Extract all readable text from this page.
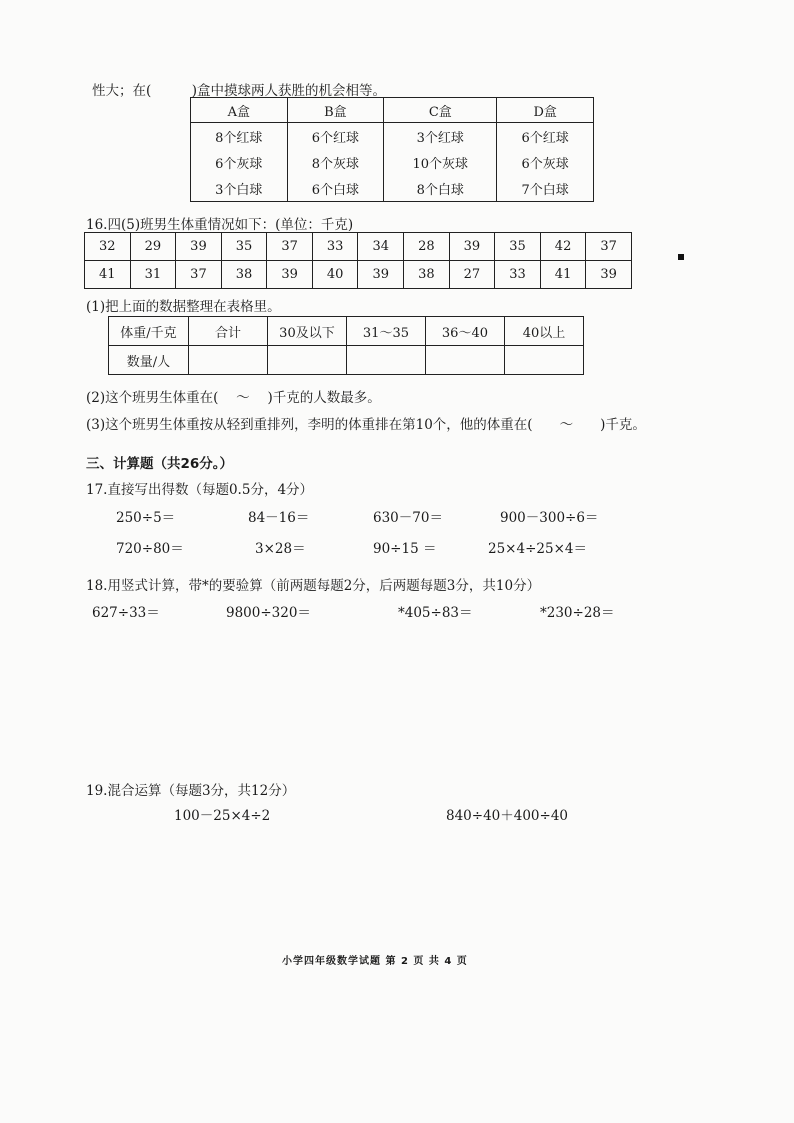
性大；在(　　　)盒中摸球两人获胜的机会相等。
A盒	B盒	C盒	D盒
8个红球	6个红球	3个红球	6个红球
6个灰球	8个灰球	10个灰球	6个灰球
3个白球	6个白球	8个白球	7个白球
16.四(5)班男生体重情况如下：(单位：千克)
32	29	39	35	37	33	34	28	39	35	42	37
41	31	37	38	39	40	39	38	27	33	41	39
(1)把上面的数据整理在表格里。
体重/千克	合计	30及以下	31～35	36～40	40以上
数量/人					
(2)这个班男生体重在(　 ～　 )千克的人数最多。
(3)这个班男生体重按从轻到重排列，李明的体重排在第10个，他的体重在(　　～　　)千克。
三、计算题（共26分。）
17.直接写出得数（每题0.5分，4分）
250÷5＝	84－16＝	630－70＝	900－300÷6＝
720÷80＝	3×28＝	90÷15 ＝	25×4÷25×4＝
18.用竖式计算，带*的要验算（前两题每题2分，后两题每题3分，共10分）
627÷33＝	9800÷320＝	*405÷83＝	*230÷28＝
19.混合运算（每题3分，共12分）
100－25×4÷2	840÷40＋400÷40
小学四年级数学试题 第 2 页 共 4 页
